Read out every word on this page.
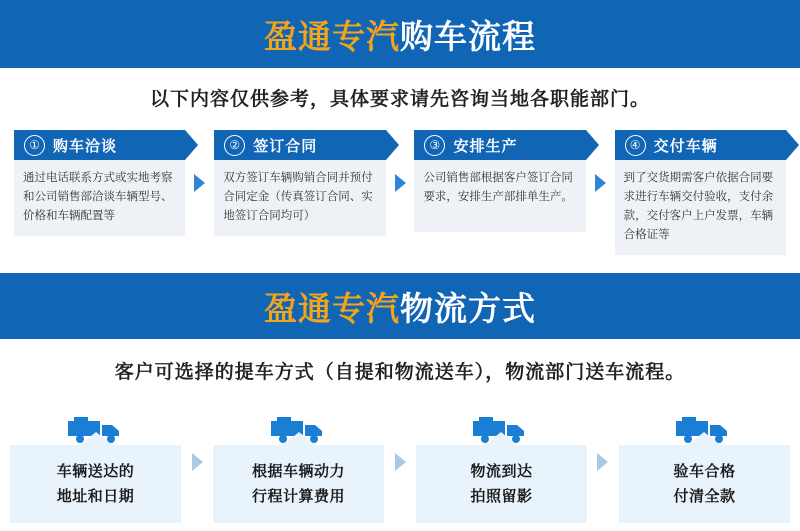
盈通专汽购车流程
以下内容仅供参考，具体要求请先咨询当地各职能部门。
① 购车洽谈
通过电话联系方式或实地考察和公司销售部洽谈车辆型号、价格和车辆配置等
② 签订合同
双方签订车辆购销合同并预付合同定金（传真签订合同、实地签订合同均可）
③ 安排生产
公司销售部根据客户签订合同要求，安排生产部排单生产。
④ 交付车辆
到了交货期需客户依据合同要求进行车辆交付验收，支付余款，交付客户上户发票，车辆合格证等
盈通专汽物流方式
客户可选择的提车方式（自提和物流送车），物流部门送车流程。
车辆送达的
地址和日期
根据车辆动力
行程计算费用
物流到达
拍照留影
验车合格
付清全款
